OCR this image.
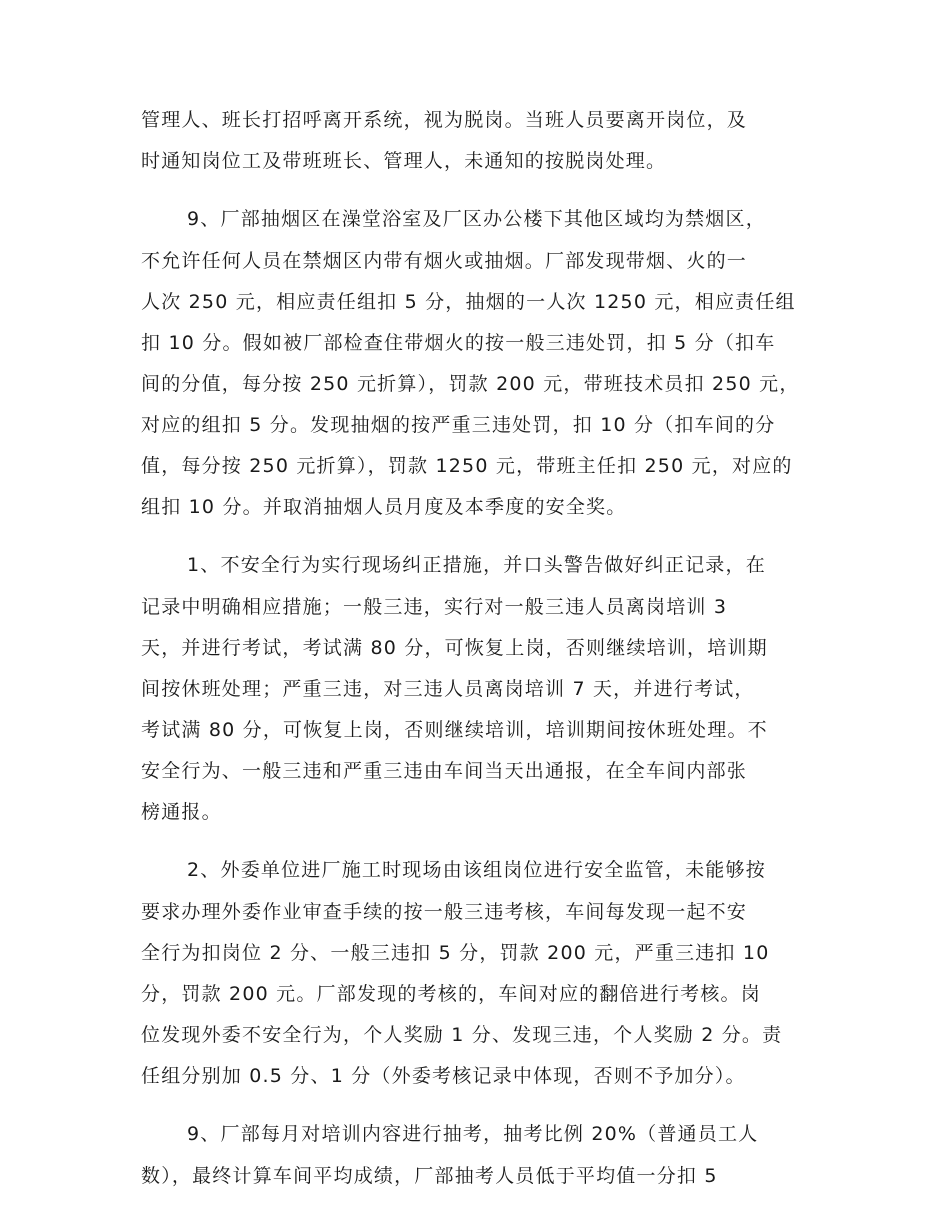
管理人、班长打招呼离开系统，视为脱岗。当班人员要离开岗位，及
时通知岗位工及带班班长、管理人，未通知的按脱岗处理。
9、厂部抽烟区在澡堂浴室及厂区办公楼下其他区域均为禁烟区，
不允许任何人员在禁烟区内带有烟火或抽烟。厂部发现带烟、火的一
人次 250 元，相应责任组扣 5 分，抽烟的一人次 1250 元，相应责任组
扣 10 分。假如被厂部检查住带烟火的按一般三违处罚，扣 5 分（扣车
间的分值，每分按 250 元折算），罚款 200 元，带班技术员扣 250 元，
对应的组扣 5 分。发现抽烟的按严重三违处罚，扣 10 分（扣车间的分
值，每分按 250 元折算），罚款 1250 元，带班主任扣 250 元，对应的
组扣 10 分。并取消抽烟人员月度及本季度的安全奖。
1、不安全行为实行现场纠正措施，并口头警告做好纠正记录，在
记录中明确相应措施；一般三违，实行对一般三违人员离岗培训 3
天，并进行考试，考试满 80 分，可恢复上岗，否则继续培训，培训期
间按休班处理；严重三违，对三违人员离岗培训 7 天，并进行考试，
考试满 80 分，可恢复上岗，否则继续培训，培训期间按休班处理。不
安全行为、一般三违和严重三违由车间当天出通报，在全车间内部张
榜通报。
2、外委单位进厂施工时现场由该组岗位进行安全监管，未能够按
要求办理外委作业审查手续的按一般三违考核，车间每发现一起不安
全行为扣岗位 2 分、一般三违扣 5 分，罚款 200 元，严重三违扣 10
分，罚款 200 元。厂部发现的考核的，车间对应的翻倍进行考核。岗
位发现外委不安全行为，个人奖励 1 分、发现三违，个人奖励 2 分。责
任组分别加 0.5 分、1 分（外委考核记录中体现，否则不予加分）。
9、厂部每月对培训内容进行抽考，抽考比例 20%（普通员工人
数），最终计算车间平均成绩，厂部抽考人员低于平均值一分扣 5
